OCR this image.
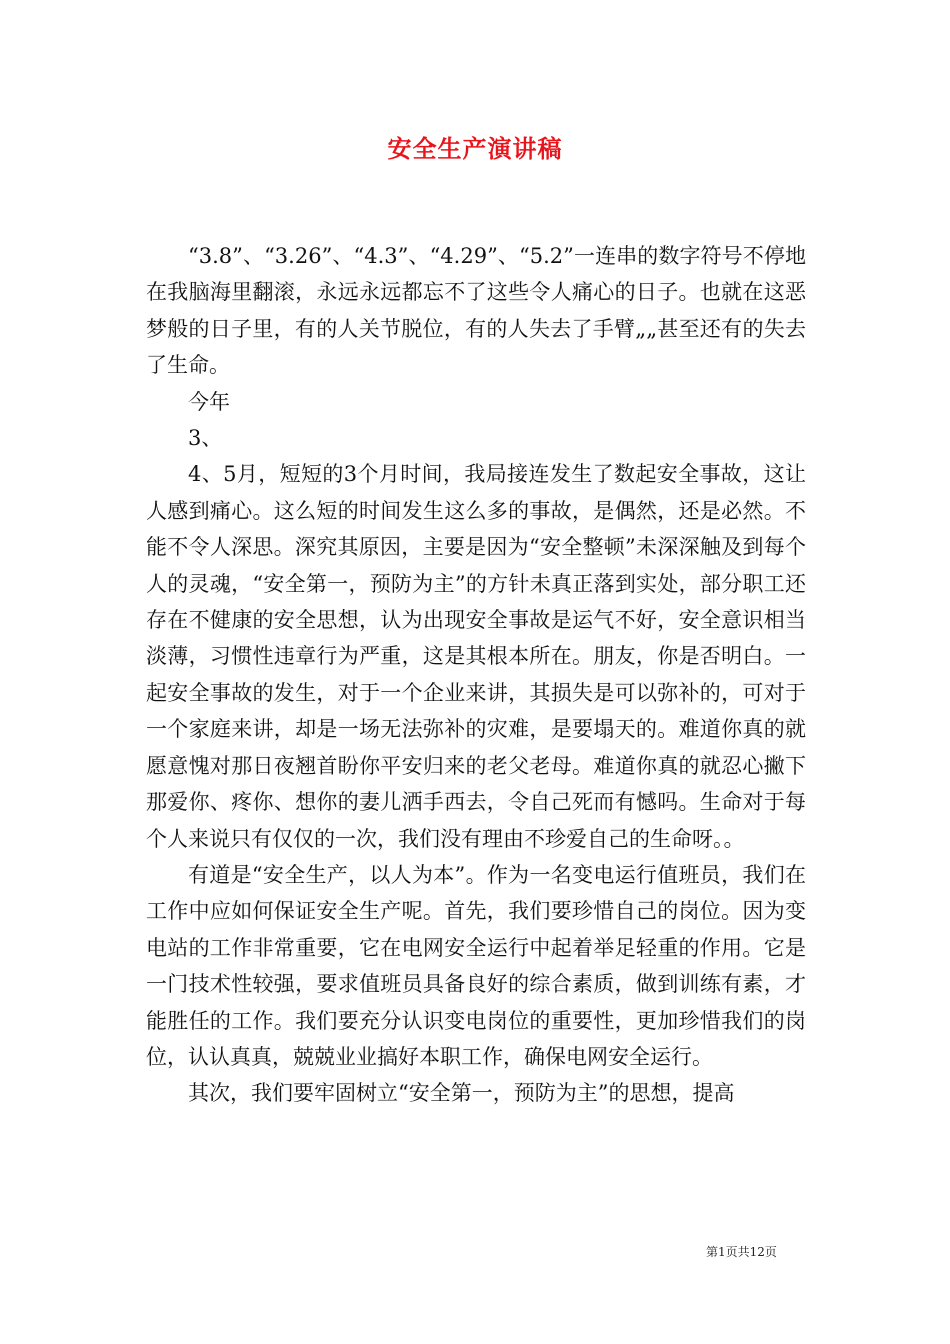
安全生产演讲稿

“3.8”、“3.26”、“4.3”、“4.29”、“5.2”一连串的数字符号不停地在我脑海里翻滚，永远永远都忘不了这些令人痛心的日子。也就在这恶梦般的日子里，有的人关节脱位，有的人失去了手臂„„甚至还有的失去了生命。

今年

3、

4、5月，短短的3个月时间，我局接连发生了数起安全事故，这让人感到痛心。这么短的时间发生这么多的事故，是偶然，还是必然。不能不令人深思。深究其原因，主要是因为“安全整顿”未深深触及到每个人的灵魂，“安全第一，预防为主”的方针未真正落到实处，部分职工还存在不健康的安全思想，认为出现安全事故是运气不好，安全意识相当淡薄，习惯性违章行为严重，这是其根本所在。朋友，你是否明白。一起安全事故的发生，对于一个企业来讲，其损失是可以弥补的，可对于一个家庭来讲，却是一场无法弥补的灾难，是要塌天的。难道你真的就愿意愧对那日夜翘首盼你平安归来的老父老母。难道你真的就忍心撇下那爱你、疼你、想你的妻儿洒手西去，令自己死而有憾吗。生命对于每个人来说只有仅仅的一次，我们没有理由不珍爱自己的生命呀。。

有道是“安全生产，以人为本”。作为一名变电运行值班员，我们在工作中应如何保证安全生产呢。首先，我们要珍惜自己的岗位。因为变电站的工作非常重要，它在电网安全运行中起着举足轻重的作用。它是一门技术性较强，要求值班员具备良好的综合素质，做到训练有素，才能胜任的工作。我们要充分认识变电岗位的重要性，更加珍惜我们的岗位，认认真真，兢兢业业搞好本职工作，确保电网安全运行。

其次，我们要牢固树立“安全第一，预防为主”的思想，提高

第1页共12页
